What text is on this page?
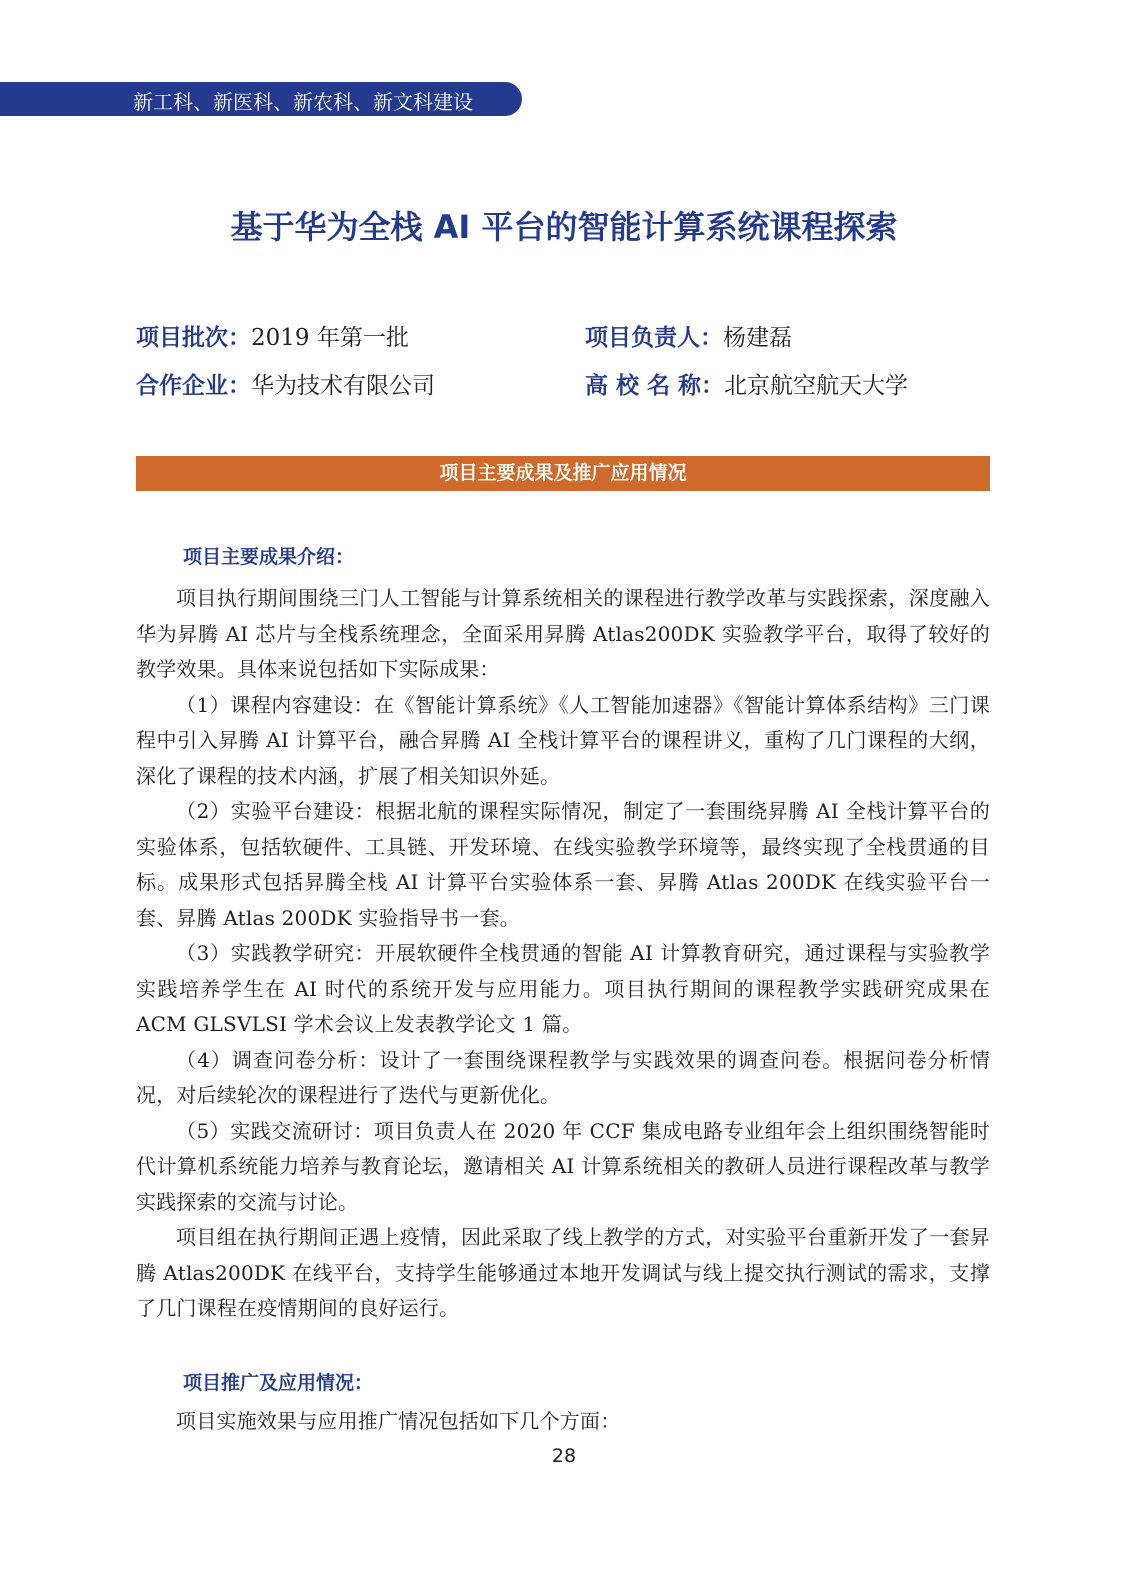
新工科、新医科、新农科、新文科建设
基于华为全栈 AI 平台的智能计算系统课程探索
项目批次：2019 年第一批	项目负责人：杨建磊
合作企业：华为技术有限公司	高 校 名 称：北京航空航天大学
项目主要成果及推广应用情况
项目主要成果介绍：

项目执行期间围绕三门人工智能与计算系统相关的课程进行教学改革与实践探索，深度融入华为昇腾 AI 芯片与全栈系统理念，全面采用昇腾 Atlas200DK 实验教学平台，取得了较好的教学效果。具体来说包括如下实际成果：

（1）课程内容建设：在《智能计算系统》《人工智能加速器》《智能计算体系结构》三门课程中引入昇腾 AI 计算平台，融合昇腾 AI 全栈计算平台的课程讲义，重构了几门课程的大纲，深化了课程的技术内涵，扩展了相关知识外延。

（2）实验平台建设：根据北航的课程实际情况，制定了一套围绕昇腾 AI 全栈计算平台的实验体系，包括软硬件、工具链、开发环境、在线实验教学环境等，最终实现了全栈贯通的目标。成果形式包括昇腾全栈 AI 计算平台实验体系一套、昇腾 Atlas 200DK 在线实验平台一套、昇腾 Atlas 200DK 实验指导书一套。

（3）实践教学研究：开展软硬件全栈贯通的智能 AI 计算教育研究，通过课程与实验教学实践培养学生在 AI 时代的系统开发与应用能力。项目执行期间的课程教学实践研究成果在 ACM GLSVLSI 学术会议上发表教学论文 1 篇。

（4）调查问卷分析：设计了一套围绕课程教学与实践效果的调查问卷。根据问卷分析情况，对后续轮次的课程进行了迭代与更新优化。

（5）实践交流研讨：项目负责人在 2020 年 CCF 集成电路专业组年会上组织围绕智能时代计算机系统能力培养与教育论坛，邀请相关 AI 计算系统相关的教研人员进行课程改革与教学实践探索的交流与讨论。

项目组在执行期间正遇上疫情，因此采取了线上教学的方式，对实验平台重新开发了一套昇腾 Atlas200DK 在线平台，支持学生能够通过本地开发调试与线上提交执行测试的需求，支撑了几门课程在疫情期间的良好运行。

项目推广及应用情况：

项目实施效果与应用推广情况包括如下几个方面：

28
